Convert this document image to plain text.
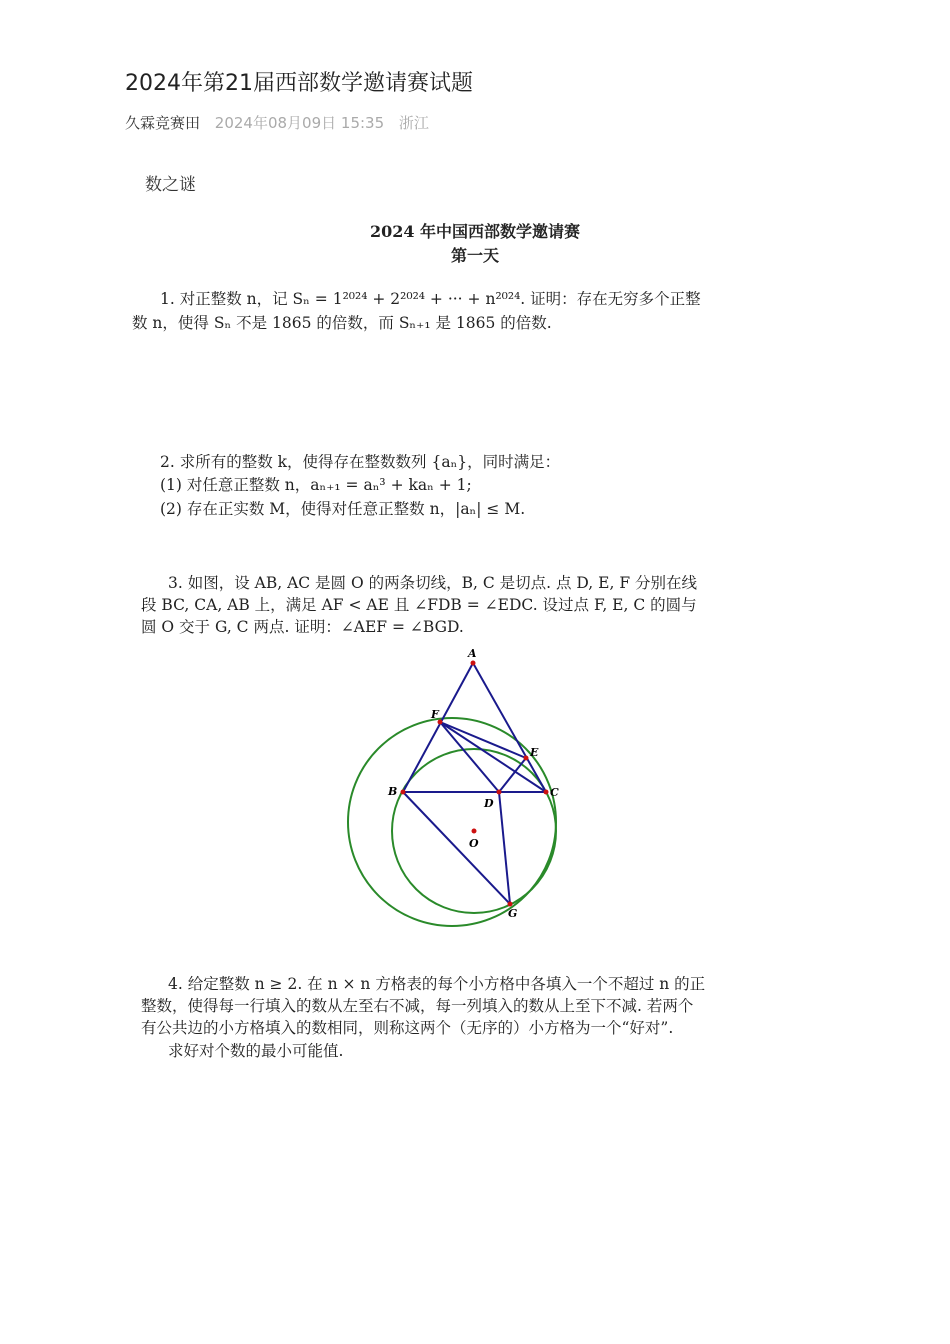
2024年第21届西部数学邀请赛试题
久霖竞赛田 2024年08月09日 15:35 浙江
数之谜
2024 年中国西部数学邀请赛
第一天
1. 对正整数 n，记 Sₙ = 1²⁰²⁴ + 2²⁰²⁴ + ··· + n²⁰²⁴. 证明：存在无穷多个正整
数 n，使得 Sₙ 不是 1865 的倍数，而 Sₙ₊₁ 是 1865 的倍数.
2. 求所有的整数 k，使得存在整数数列 {aₙ}，同时满足：
(1) 对任意正整数 n，aₙ₊₁ = aₙ³ + kaₙ + 1;
(2) 存在正实数 M，使得对任意正整数 n，|aₙ| ≤ M.
3. 如图，设 AB, AC 是圆 O 的两条切线，B, C 是切点. 点 D, E, F 分别在线
段 BC, CA, AB 上，满足 AF < AE 且 ∠FDB = ∠EDC. 设过点 F, E, C 的圆与
圆 O 交于 G, C 两点. 证明：∠AEF = ∠BGD.
4. 给定整数 n ≥ 2. 在 n × n 方格表的每个小方格中各填入一个不超过 n 的正
整数，使得每一行填入的数从左至右不减，每一列填入的数从上至下不减. 若两个
有公共边的小方格填入的数相同，则称这两个（无序的）小方格为一个“好对”.
求好对个数的最小可能值.
A
F
E
B
D
C
O
G
